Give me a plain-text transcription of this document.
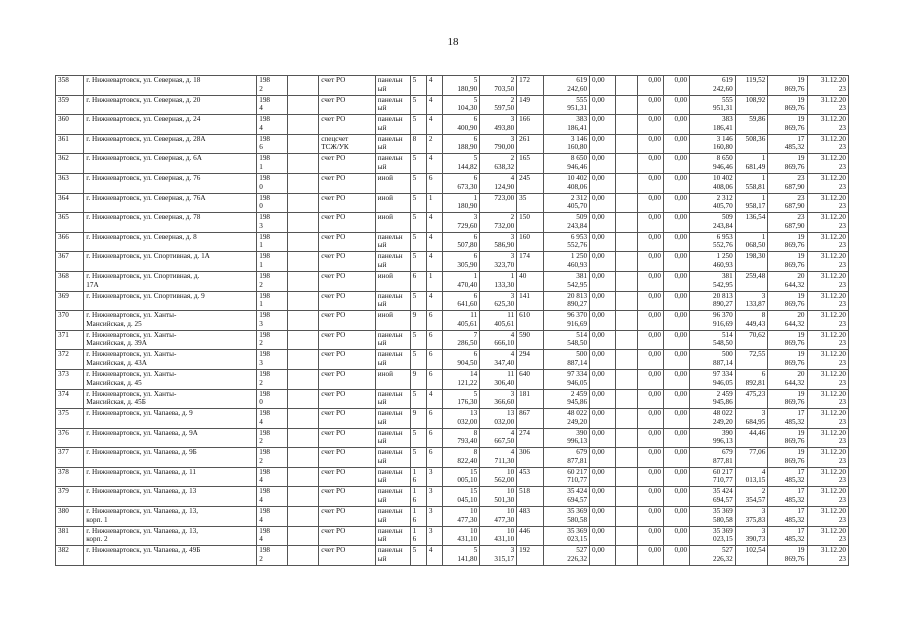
18
358	г. Нижневартовск, ул. Северная, д. 18	198
2		счет РО	панельн
ый	5	4	5
180,90	2
703,50	172	619
242,60	0,00		0,00	0,00	619
242,60	119,52	19
869,76	31.12.20
23

359	г. Нижневартовск, ул. Северная, д. 20	198
4		счет РО	панельн
ый	5	4	5
104,30	2
597,50	149	555
951,31	0,00		0,00	0,00	555
951,31	108,92	19
869,76	31.12.20
23

360	г. Нижневартовск, ул. Северная, д. 24	198
4		счет РО	панельн
ый	5	4	6
400,90	3
493,80	166	383
186,41	0,00		0,00	0,00	383
186,41	59,86	19
869,76	31.12.20
23

361	г. Нижневартовск, ул. Северная, д. 28А	198
6		спецсчет
ТСЖ/УК	панельн
ый	8	2	6
188,90	3
790,00	261	3 146
160,80	0,00		0,00	0,00	3 146
160,80	508,36	17
485,32	31.12.20
23

362	г. Нижневартовск, ул. Северная, д. 6А	198
1		счет РО	панельн
ый	5	4	5
144,82	2
638,32	165	8 650
946,46	0,00		0,00	0,00	8 650
946,46	1
681,49	19
869,76	31.12.20
23

363	г. Нижневартовск, ул. Северная, д. 76	198
0		счет РО	иной	5	6	6
673,30	4
124,90	245	10 402
408,06	0,00		0,00	0,00	10 402
408,06	1
558,81	23
687,90	31.12.20
23

364	г. Нижневартовск, ул. Северная, д. 76А	198
0		счет РО	иной	5	1	1
180,90	723,00	35	2 312
405,70	0,00		0,00	0,00	2 312
405,70	1
958,17	23
687,90	31.12.20
23

365	г. Нижневартовск, ул. Северная, д. 78	198
3		счет РО	иной	5	4	3
729,60	2
732,00	150	509
243,84	0,00		0,00	0,00	509
243,84	136,54	23
687,90	31.12.20
23

366	г. Нижневартовск, ул. Северная, д. 8	198
1		счет РО	панельн
ый	5	4	6
507,80	3
586,90	160	6 953
552,76	0,00		0,00	0,00	6 953
552,76	1
068,50	19
869,76	31.12.20
23

367	г. Нижневартовск, ул. Спортивная, д. 1А	198
1		счет РО	панельн
ый	5	4	6
305,90	3
323,70	174	1 250
460,93	0,00		0,00	0,00	1 250
460,93	198,30	19
869,76	31.12.20
23

368	г. Нижневартовск, ул. Спортивная, д.
17А	198
2		счет РО	иной	6	1	1
470,40	1
133,30	40	381
542,95	0,00		0,00	0,00	381
542,95	259,48	20
644,32	31.12.20
23

369	г. Нижневартовск, ул. Спортивная, д. 9	198
1		счет РО	панельн
ый	5	4	6
641,60	3
625,30	141	20 813
890,27	0,00		0,00	0,00	20 813
890,27	3
133,87	19
869,76	31.12.20
23

370	г. Нижневартовск, ул. Ханты-
Мансийская, д. 25	198
3		счет РО	иной	9	6	11
405,61	11
405,61	610	96 370
916,69	0,00		0,00	0,00	96 370
916,69	8
449,43	20
644,32	31.12.20
23

371	г. Нижневартовск, ул. Ханты-
Мансийская, д. 39А	198
2		счет РО	панельн
ый	5	6	7
286,50	4
666,10	590	514
548,50	0,00		0,00	0,00	514
548,50	70,62	19
869,76	31.12.20
23

372	г. Нижневартовск, ул. Ханты-
Мансийская, д. 43А	198
3		счет РО	панельн
ый	5	6	6
904,50	4
347,40	294	500
887,14	0,00		0,00	0,00	500
887,14	72,55	19
869,76	31.12.20
23

373	г. Нижневартовск, ул. Ханты-
Мансийская, д. 45	198
2		счет РО	иной	9	6	14
121,22	11
306,40	640	97 334
946,05	0,00		0,00	0,00	97 334
946,05	6
892,81	20
644,32	31.12.20
23

374	г. Нижневартовск, ул. Ханты-
Мансийская, д. 45Б	198
0		счет РО	панельн
ый	5	4	5
176,30	3
366,60	181	2 459
945,86	0,00		0,00	0,00	2 459
945,86	475,23	19
869,76	31.12.20
23

375	г. Нижневартовск, ул. Чапаева, д. 9	198
4		счет РО	панельн
ый	9	6	13
032,00	13
032,00	867	48 022
249,20	0,00		0,00	0,00	48 022
249,20	3
684,95	17
485,32	31.12.20
23

376	г. Нижневартовск, ул. Чапаева, д. 9А	198
2		счет РО	панельн
ый	5	6	8
793,40	4
667,50	274	390
996,13	0,00		0,00	0,00	390
996,13	44,46	19
869,76	31.12.20
23

377	г. Нижневартовск, ул. Чапаева, д. 9Б	198
2		счет РО	панельн
ый	5	6	8
822,40	4
711,30	306	679
877,81	0,00		0,00	0,00	679
877,81	77,06	19
869,76	31.12.20
23

378	г. Нижневартовск, ул. Чапаева, д. 11	198
4		счет РО	панельн
ый	1
6	3	15
005,10	10
562,00	453	60 217
710,77	0,00		0,00	0,00	60 217
710,77	4
013,15	17
485,32	31.12.20
23

379	г. Нижневартовск, ул. Чапаева, д. 13	198
4		счет РО	панельн
ый	1
6	3	15
045,10	10
501,30	518	35 424
694,57	0,00		0,00	0,00	35 424
694,57	2
354,57	17
485,32	31.12.20
23

380	г. Нижневартовск, ул. Чапаева, д. 13,
корп. 1	198
4		счет РО	панельн
ый	1
6	3	10
477,30	10
477,30	483	35 369
580,58	0,00		0,00	0,00	35 369
580,58	3
375,83	17
485,32	31.12.20
23

381	г. Нижневартовск, ул. Чапаева, д. 13,
корп. 2	198
4		счет РО	панельн
ый	1
6	3	10
431,10	10
431,10	446	35 369
023,15	0,00		0,00	0,00	35 369
023,15	3
390,73	17
485,32	31.12.20
23

382	г. Нижневартовск, ул. Чапаева, д. 49Б	198
2		счет РО	панельн
ый	5	4	5
141,80	3
315,17	192	527
226,32	0,00		0,00	0,00	527
226,32	102,54	19
869,76	31.12.20
23
